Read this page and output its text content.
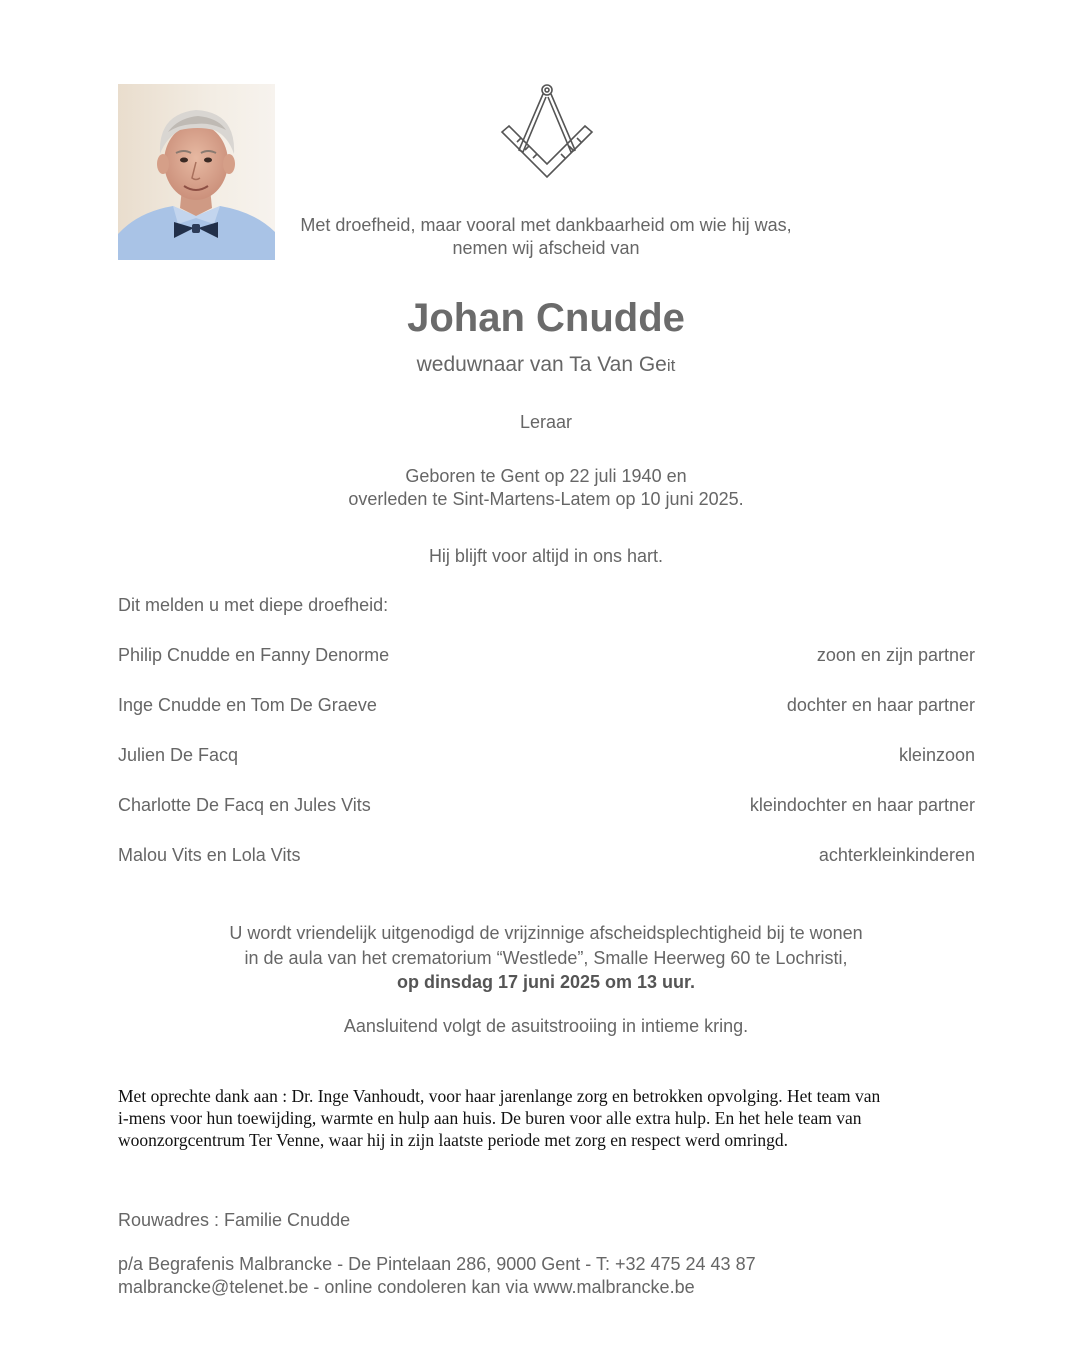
Met droefheid, maar vooral met dankbaarheid om wie hij was,
nemen wij afscheid van
Johan Cnudde
weduwnaar van Ta Van Geit
Leraar
Geboren te Gent op 22 juli 1940 en
overleden te Sint-Martens-Latem op 10 juni 2025.
Hij blijft voor altijd in ons hart.
Dit melden u met diepe droefheid:
Philip Cnudde en Fanny Denorme	zoon en zijn partner
Inge Cnudde en Tom De Graeve	dochter en haar partner
Julien De Facq	kleinzoon
Charlotte De Facq en Jules Vits	kleindochter en haar partner
Malou Vits en Lola Vits	achterkleinkinderen
U wordt vriendelijk uitgenodigd de vrijzinnige afscheidsplechtigheid bij te wonen
in de aula van het crematorium “Westlede”, Smalle Heerweg 60 te Lochristi,
op dinsdag 17 juni 2025 om 13 uur.
Aansluitend volgt de asuitstrooiing in intieme kring.
Met oprechte dank aan : Dr. Inge Vanhoudt, voor haar jarenlange zorg en betrokken opvolging. Het team van
i-mens voor hun toewijding, warmte en hulp aan huis. De buren voor alle extra hulp. En het hele team van
woonzorgcentrum Ter Venne, waar hij in zijn laatste periode met zorg en respect werd omringd.
Rouwadres : Familie Cnudde
p/a Begrafenis Malbrancke - De Pintelaan 286, 9000 Gent - T: +32 475 24 43 87
malbrancke@telenet.be - online condoleren kan via www.malbrancke.be
